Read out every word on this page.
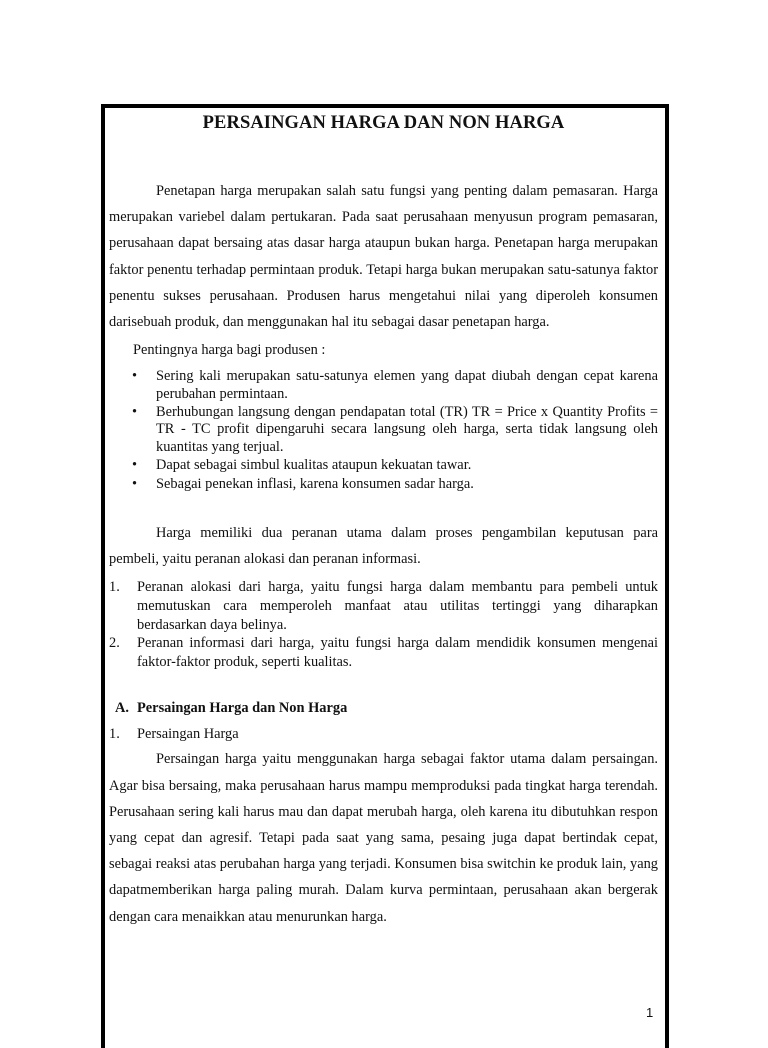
PERSAINGAN HARGA DAN NON HARGA

Penetapan harga merupakan salah satu fungsi yang penting dalam pemasaran. Harga merupakan variebel dalam pertukaran. Pada saat perusahaan menyusun program pemasaran, perusahaan dapat bersaing atas dasar harga ataupun bukan harga. Penetapan harga merupakan faktor penentu terhadap permintaan produk. Tetapi harga bukan merupakan satu-satunya faktor penentu sukses perusahaan. Produsen harus mengetahui nilai yang diperoleh konsumen darisebuah produk, dan menggunakan hal itu sebagai dasar penetapan harga.

Pentingnya harga bagi produsen :
• Sering kali merupakan satu-satunya elemen yang dapat diubah dengan cepat karena perubahan permintaan.
• Berhubungan langsung dengan pendapatan total (TR) TR = Price x Quantity Profits = TR - TC profit dipengaruhi secara langsung oleh harga, serta tidak langsung oleh kuantitas yang terjual.
• Dapat sebagai simbul kualitas ataupun kekuatan tawar.
• Sebagai penekan inflasi, karena konsumen sadar harga.

Harga memiliki dua peranan utama dalam proses pengambilan keputusan para pembeli, yaitu peranan alokasi dan peranan informasi.

1. Peranan alokasi dari harga, yaitu fungsi harga dalam membantu para pembeli untuk memutuskan cara memperoleh manfaat atau utilitas tertinggi yang diharapkan berdasarkan daya belinya.
2. Peranan informasi dari harga, yaitu fungsi harga dalam mendidik konsumen mengenai faktor-faktor produk, seperti kualitas.
A. Persaingan Harga dan Non Harga
1. Persaingan Harga

Persaingan harga yaitu menggunakan harga sebagai faktor utama dalam persaingan. Agar bisa bersaing, maka perusahaan harus mampu memproduksi pada tingkat harga terendah. Perusahaan sering kali harus mau dan dapat merubah harga, oleh karena itu dibutuhkan respon yang cepat dan agresif. Tetapi pada saat yang sama, pesaing juga dapat bertindak cepat, sebagai reaksi atas perubahan harga yang terjadi. Konsumen bisa switchin ke produk lain, yang dapatmemberikan harga paling murah. Dalam kurva permintaan, perusahaan akan bergerak dengan cara menaikkan atau menurunkan harga.

1
